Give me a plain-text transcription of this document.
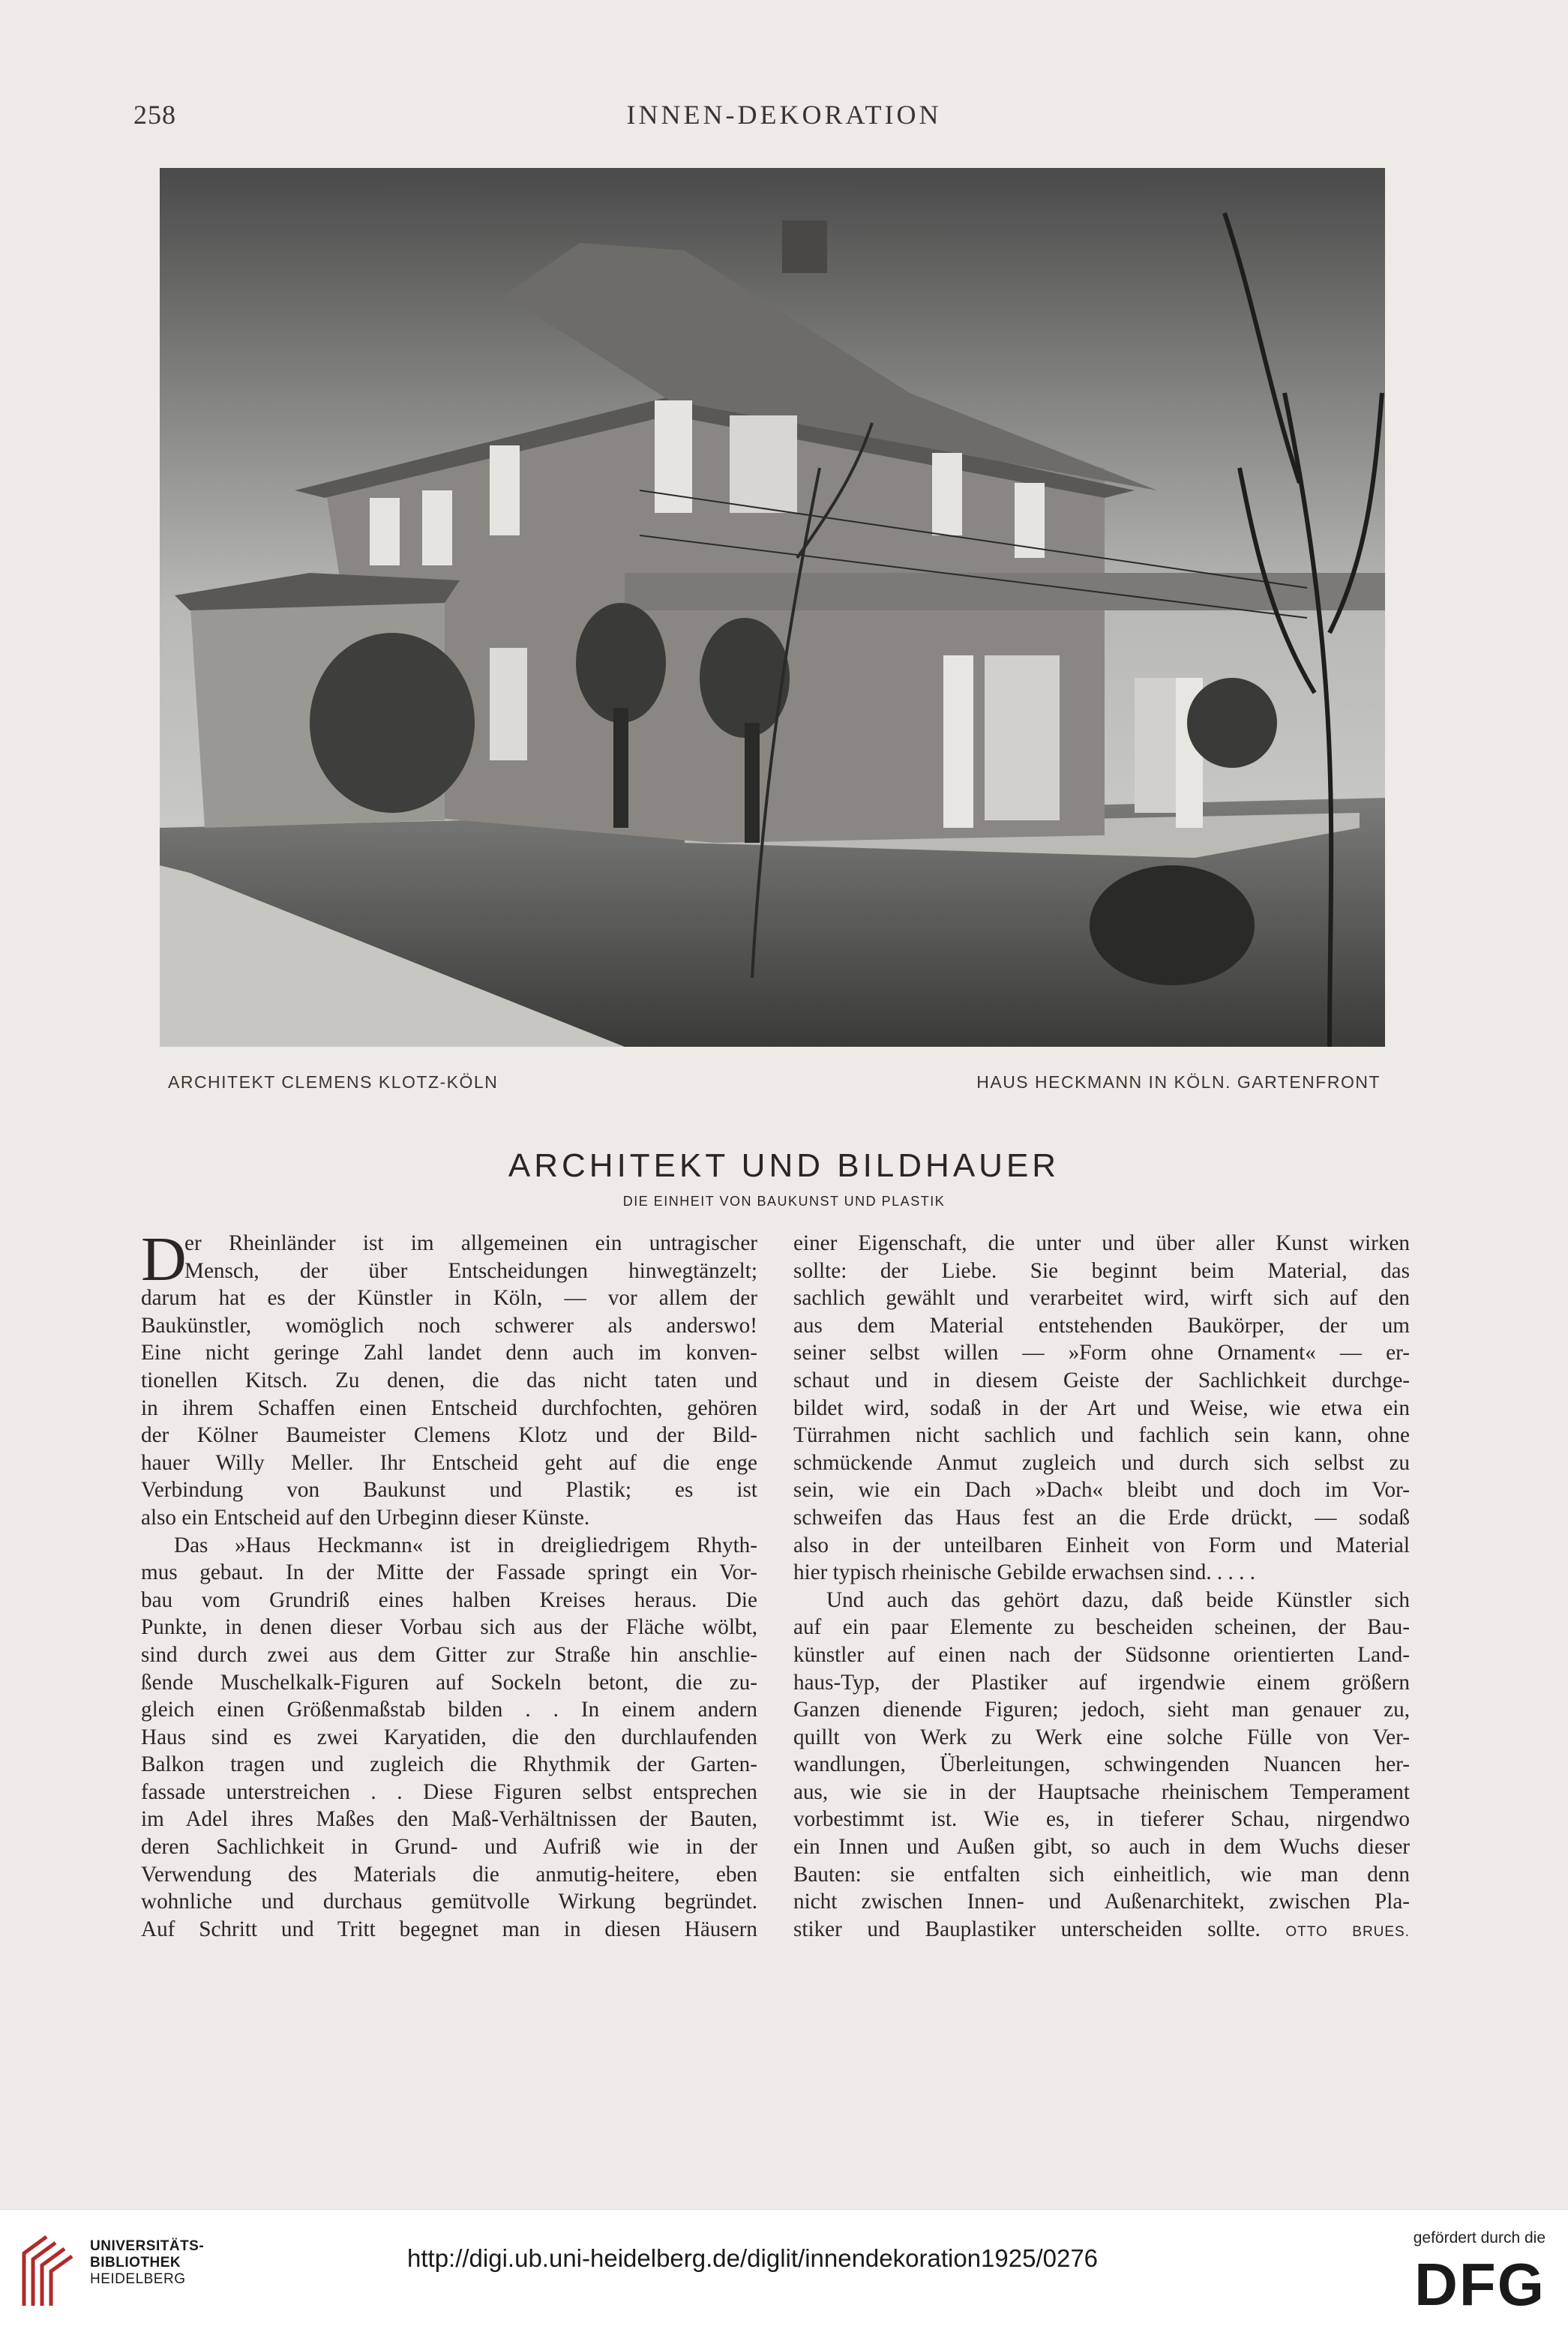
258	INNEN-DEKORATION
ARCHITEKT CLEMENS KLOTZ-KÖLN	HAUS HECKMANN IN KÖLN. GARTENFRONT
ARCHITEKT UND BILDHAUER
DIE EINHEIT VON BAUKUNST UND PLASTIK
D
er Rheinländer ist im allgemeinen ein untragischer
Mensch, der über Entscheidungen hinwegtänzelt;
darum hat es der Künstler in Köln, — vor allem der
Baukünstler, womöglich noch schwerer als anderswo!
Eine nicht geringe Zahl landet denn auch im konven-
tionellen Kitsch. Zu denen, die das nicht taten und
in ihrem Schaffen einen Entscheid durchfochten, gehören
der Kölner Baumeister Clemens Klotz und der Bild-
hauer Willy Meller. Ihr Entscheid geht auf die enge
Verbindung von Baukunst und Plastik; es ist
also ein Entscheid auf den Urbeginn dieser Künste.
Das »Haus Heckmann« ist in dreigliedrigem Rhyth-
mus gebaut. In der Mitte der Fassade springt ein Vor-
bau vom Grundriß eines halben Kreises heraus. Die
Punkte, in denen dieser Vorbau sich aus der Fläche wölbt,
sind durch zwei aus dem Gitter zur Straße hin anschlie-
ßende Muschelkalk-Figuren auf Sockeln betont, die zu-
gleich einen Größenmaßstab bilden . . In einem andern
Haus sind es zwei Karyatiden, die den durchlaufenden
Balkon tragen und zugleich die Rhythmik der Garten-
fassade unterstreichen . . Diese Figuren selbst entsprechen
im Adel ihres Maßes den Maß-Verhältnissen der Bauten,
deren Sachlichkeit in Grund- und Aufriß wie in der
Verwendung des Materials die anmutig-heitere, eben
wohnliche und durchaus gemütvolle Wirkung begründet.
Auf Schritt und Tritt begegnet man in diesen Häusern
einer Eigenschaft, die unter und über aller Kunst wirken
sollte: der Liebe. Sie beginnt beim Material, das
sachlich gewählt und verarbeitet wird, wirft sich auf den
aus dem Material entstehenden Baukörper, der um
seiner selbst willen — »Form ohne Ornament« — er-
schaut und in diesem Geiste der Sachlichkeit durchge-
bildet wird, sodaß in der Art und Weise, wie etwa ein
Türrahmen nicht sachlich und fachlich sein kann, ohne
schmückende Anmut zugleich und durch sich selbst zu
sein, wie ein Dach »Dach« bleibt und doch im Vor-
schweifen das Haus fest an die Erde drückt, — sodaß
also in der unteilbaren Einheit von Form und Material
hier typisch rheinische Gebilde erwachsen sind. . . . .
Und auch das gehört dazu, daß beide Künstler sich
auf ein paar Elemente zu bescheiden scheinen, der Bau-
künstler auf einen nach der Südsonne orientierten Land-
haus-Typ, der Plastiker auf irgendwie einem größern
Ganzen dienende Figuren; jedoch, sieht man genauer zu,
quillt von Werk zu Werk eine solche Fülle von Ver-
wandlungen, Überleitungen, schwingenden Nuancen her-
aus, wie sie in der Hauptsache rheinischem Temperament
vorbestimmt ist. Wie es, in tieferer Schau, nirgendwo
ein Innen und Außen gibt, so auch in dem Wuchs dieser
Bauten: sie entfalten sich einheitlich, wie man denn
nicht zwischen Innen- und Außenarchitekt, zwischen Pla-
stiker und Bauplastiker unterscheiden sollte. OTTO BRUES.
UNIVERSITÄTS-
BIBLIOTHEK
HEIDELBERG
http://digi.ub.uni-heidelberg.de/diglit/innendekoration1925/0276
gefördert durch die
DFG
